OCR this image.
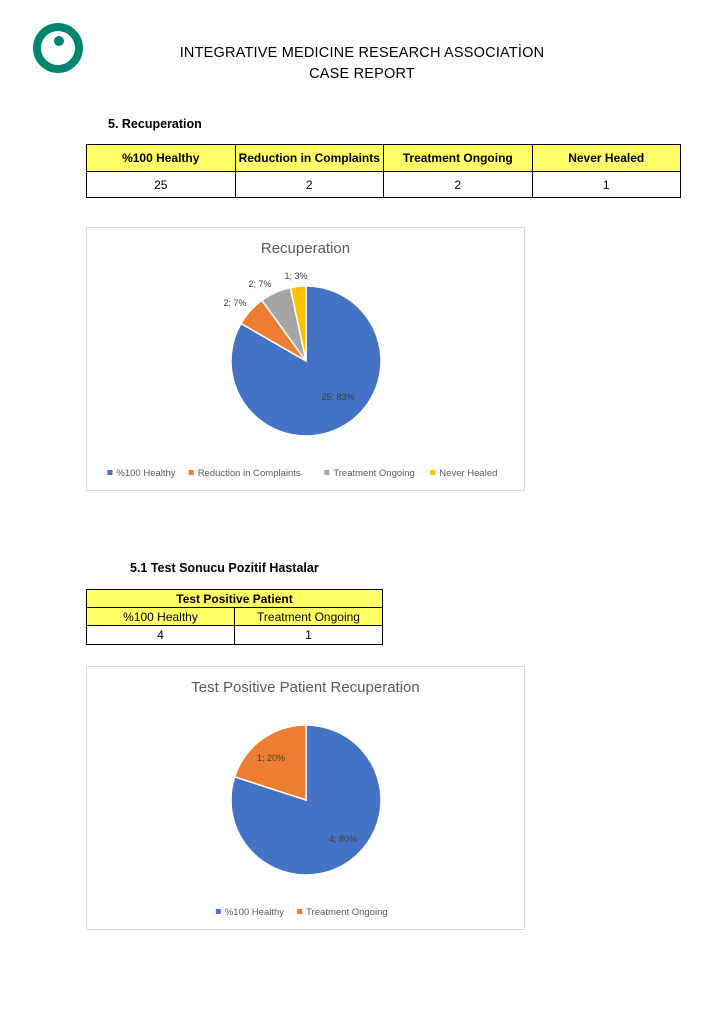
INTEGRATIVE MEDICINE RESEARCH ASSOCIATİON
CASE REPORT
5. Recuperation
%100 Healthy	Reduction in Complaints	Treatment Ongoing	Never Healed
25	2	2	1
Recuperation
25; 83%
2; 7%
2; 7%
1; 3%
%100 Healthy Reduction in Complaints	Treatment Ongoing	Never Healed
5.1 Test Sonucu Pozitif Hastalar
Test Positive Patient	
%100 Healthy	Treatment Ongoing
4	1
Test Positive Patient Recuperation
4; 80%
1; 20%
%100 Healthy Treatment Ongoing
